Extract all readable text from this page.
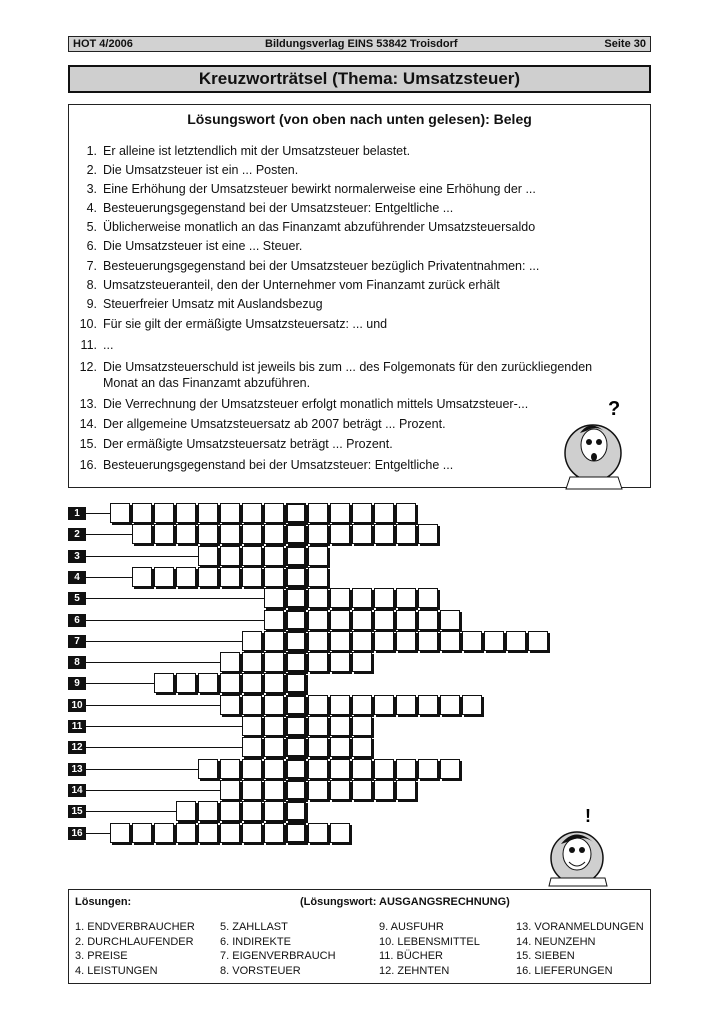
HOT 4/2006	Bildungsverlag EINS 53842 Troisdorf	Seite 30
Kreuzworträtsel (Thema: Umsatzsteuer)
Lösungswort (von oben nach unten gelesen): Beleg
1. Er alleine ist letztendlich mit der Umsatzsteuer belastet.
2. Die Umsatzsteuer ist ein ... Posten.
3. Eine Erhöhung der Umsatzsteuer bewirkt normalerweise eine Erhöhung der ...
4. Besteuerungsgegenstand bei der Umsatzsteuer: Entgeltliche ...
5. Üblicherweise monatlich an das Finanzamt abzuführender Umsatzsteuersaldo
6. Die Umsatzsteuer ist eine ... Steuer.
7. Besteuerungsgegenstand bei der Umsatzsteuer bezüglich Privatentnahmen: ...
8. Umsatzsteueranteil, den der Unternehmer vom Finanzamt zurück erhält
9. Steuerfreier Umsatz mit Auslandsbezug
10. Für sie gilt der ermäßigte Umsatzsteuersatz: ... und
11. ...
12. Die Umsatzsteuerschuld ist jeweils bis zum ... des Folgemonats für den zurückliegenden
Monat an das Finanzamt abzuführen.
13. Die Verrechnung der Umsatzsteuer erfolgt monatlich mittels Umsatzsteuer-...
14. Der allgemeine Umsatzsteuersatz ab 2007 beträgt ... Prozent.
15. Der ermäßigte Umsatzsteuersatz beträgt ... Prozent.
16. Besteuerungsgegenstand bei der Umsatzsteuer: Entgeltliche ...
?
1
2
3
4
5
6
7
8
9
10
11
12
13
14
15
16
!
Lösungen:	(Lösungswort: AUSGANGSRECHNUNG)
1. ENDVERBRAUCHER
2. DURCHLAUFENDER
3. PREISE
4. LEISTUNGEN
5. ZAHLLAST
6. INDIREKTE
7. EIGENVERBRAUCH
8. VORSTEUER
9. AUSFUHR
10. LEBENSMITTEL
11. BÜCHER
12. ZEHNTEN
13. VORANMELDUNGEN
14. NEUNZEHN
15. SIEBEN
16. LIEFERUNGEN
